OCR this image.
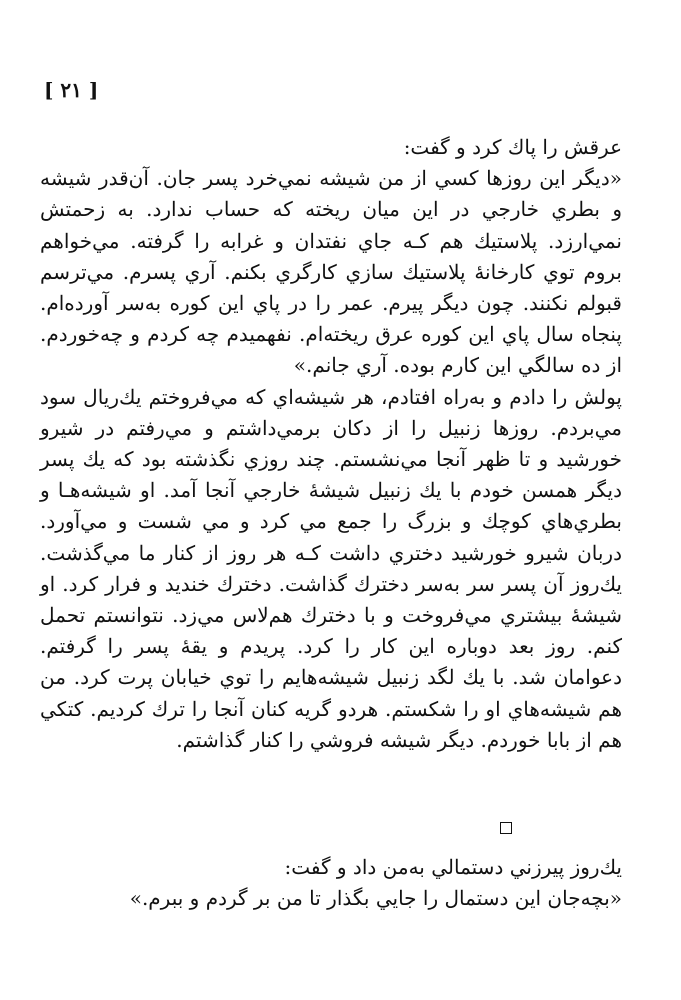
[ ۲۱ ]

عرقش را پاك كرد و گفت:

«ديگر اين روزها كسي از من شيشه نمي‌خرد پسر جان. آن‌قدر شيشه و بطري خارجي در اين ميان ريخته كه حساب ندارد. به زحمتش نمي‌ارزد. پلاستيك هم كـه جاي نفتدان و غرابه را گرفته. مي‌خواهم بروم توي كارخانهٔ پلاستيك سازي كارگري بكنم. آري پسرم. مي‌ترسم قبولم نكنند. چون ديگر پيرم. عمر را در پاي اين كوره به‌سر آورده‌ام. پنجاه سال پاي اين كوره عرق ريخته‌ام. نفهميدم چه كردم و چه‌خوردم. از ده سالگي اين كارم بوده. آري جانم.»

پولش را دادم و به‌راه افتادم، هر شيشه‌اي كه مي‌فروختم يك‌ريال سود مي‌بردم. روزها زنبيل را از دكان برمي‌داشتم و مي‌رفتم در شيرو خورشيد و تا ظهر آنجا مي‌نشستم. چند روزي نگذشته بود كه يك پسر ديگر همسن خودم با يك زنبيل شيشهٔ خارجي آنجا آمد. او شيشه‌هـا و بطري‌هاي كوچك و بزرگ را جمع مي كرد و مي شست و مي‌آورد. دربان شيرو خورشيد دختري داشت كـه هر روز از كنار ما مي‌گذشت. يك‌روز آن پسر سر به‌سر دخترك گذاشت. دخترك خنديد و فرار كرد. او شيشهٔ بيشتري مي‌فروخت و با دخترك هم‌لاس مي‌زد. نتوانستم تحمل كنم. روز بعد دوباره اين كار را كرد. پريدم و يقهٔ پسر را گرفتم. دعوامان شد. با يك لگد زنبيل شيشه‌هايم را توي خيابان پرت كرد. من هم شيشه‌هاي او را شكستم. هردو گريه كنان آنجا را ترك كرديم. كتكي هم از بابا خوردم. ديگر شيشه فروشي را كنار گذاشتم.

يك‌روز پيرزني دستمالي به‌من داد و گفت:

«بچه‌جان اين دستمال را جايي بگذار تا من بر گردم و ببرم.»
